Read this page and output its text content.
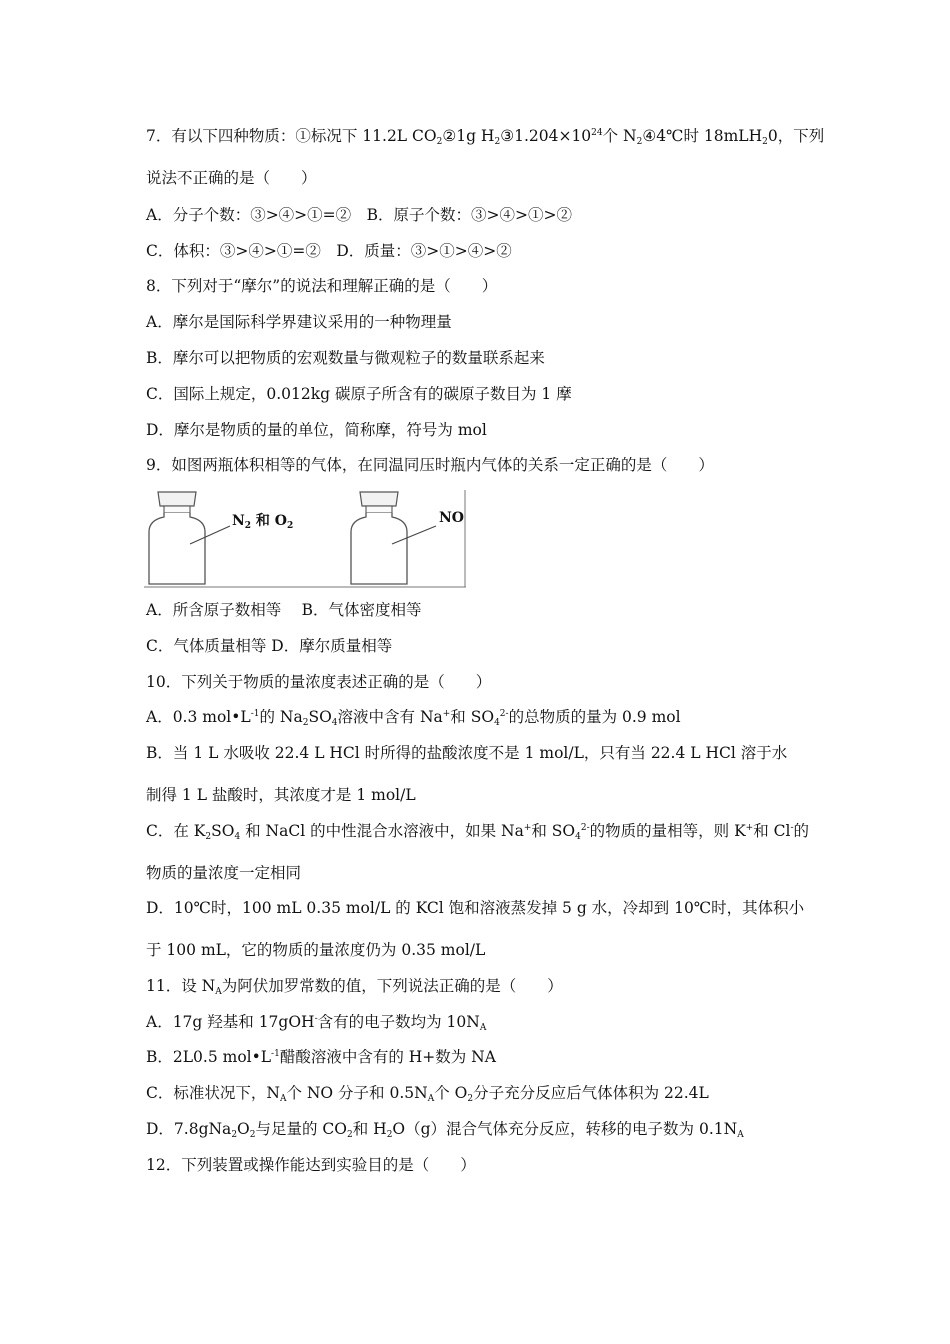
7．有以下四种物质：①标况下 11.2L $CO_2②1g$ $H_2③1.204\times 10^{24}$个 $N_2④4℃$时 18mLH$_2$0，下列
说法不正确的是（　　）
A．分子个数：③>④>①=②　B．原子个数：③>④>①>②
C．体积：③>④>①=②　D．质量：③>①>④>②
8．下列对于“摩尔”的说法和理解正确的是（　　）
A．摩尔是国际科学界建议采用的一种物理量
B．摩尔可以把物质的宏观数量与微观粒子的数量联系起来
C．国际上规定，0.012kg 碳原子所含有的碳原子数目为 1 摩
D．摩尔是物质的量的单位，简称摩，符号为 mol
9．如图两瓶体积相等的气体，在同温同压时瓶内气体的关系一定正确的是（　　）
$N_2$ 和 $O_2$	NO
A．所含原子数相等　 B．气体密度相等
C．气体质量相等 D．摩尔质量相等
10．下列关于物质的量浓度表述正确的是（　　）
A．0.3 $mol•L^{-1}$的 $Na_2SO_4$溶液中含有 Na+和 $SO_4^{2-}$的总物质的量为 0.9 mol
B．当 1 L 水吸收 22.4 L HCl 时所得的盐酸浓度不是 1 mol/L，只有当 22.4 L HCl 溶于水
制得 1 L 盐酸时，其浓度才是 1 mol/L
C．在 $K_2SO_4$ 和 NaCl 的中性混合水溶液中，如果 Na+和 $SO_4^{2-}$的物质的量相等，则 K+和 Cl-的
物质的量浓度一定相同
D．10℃时，100 mL 0.35 mol/L 的 KCl 饱和溶液蒸发掉 5 g 水，冷却到 10℃时，其体积小
于 100 mL，它的物质的量浓度仍为 0.35 mol/L
11．设 $N_A$为阿伏加罗常数的值，下列说法正确的是（　　）
A．17g 羟基和 17gOH-含有的电子数均为 $10N_A$
B．2L0.5 $mol•L^{-1}$醋酸溶液中含有的 H+数为 NA
C．标准状况下，$N_A$个 NO 分子和 $0.5N_A$个 $O_2$分子充分反应后气体体积为 22.4L
D．$7.8gNa_2O_2$与足量的 $CO_2$和 $H_2O(g)$混合气体充分反应，转移的电子数为 $0.1N_A$
12．下列装置或操作能达到实验目的是（　　）
